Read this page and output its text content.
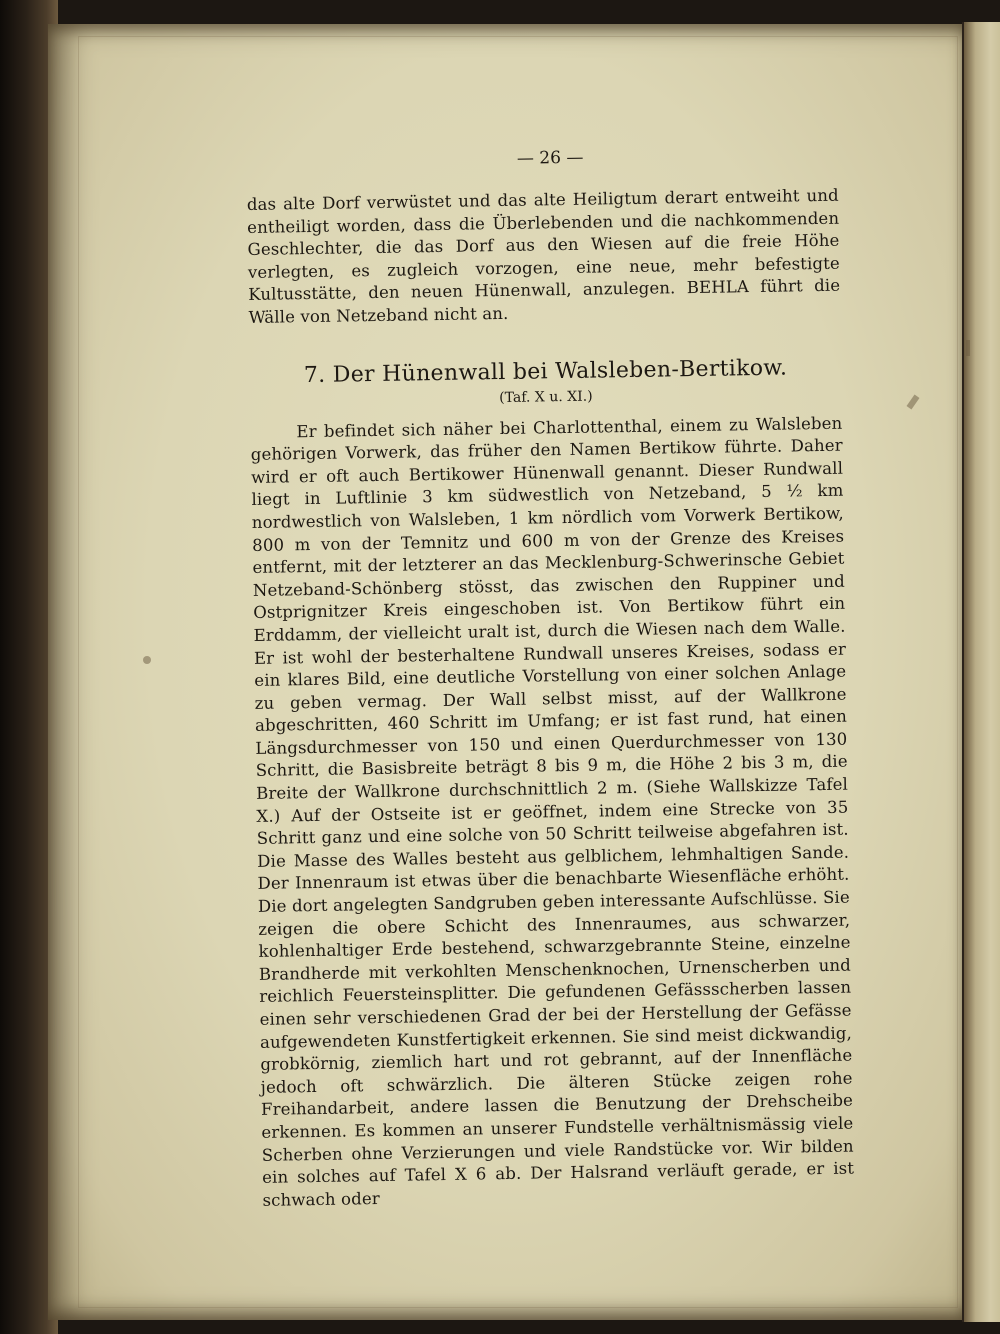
— 26 —

das alte Dorf verwüstet und das alte Heiligtum derart entweiht und entheiligt worden, dass die Überlebenden und die nachkommenden Geschlechter, die das Dorf aus den Wiesen auf die freie Höhe verlegten, es zugleich vorzogen, eine neue, mehr befestigte Kultusstätte, den neuen Hünenwall, anzulegen. BEHLA führt die Wälle von Netzeband nicht an.

7. Der Hünenwall bei Walsleben-Bertikow.
(Taf. X u. XI.)

Er befindet sich näher bei Charlottenthal, einem zu Walsleben gehörigen Vorwerk, das früher den Namen Bertikow führte. Daher wird er oft auch Bertikower Hünenwall genannt. Dieser Rundwall liegt in Luftlinie 3 km südwestlich von Netzeband, 5 ½ km nordwestlich von Walsleben, 1 km nördlich vom Vorwerk Bertikow, 800 m von der Temnitz und 600 m von der Grenze des Kreises entfernt, mit der letzterer an das Mecklenburg-Schwerinsche Gebiet Netzeband-Schönberg stösst, das zwischen den Ruppiner und Ostprignitzer Kreis eingeschoben ist. Von Bertikow führt ein Erddamm, der vielleicht uralt ist, durch die Wiesen nach dem Walle. Er ist wohl der besterhaltene Rundwall unseres Kreises, sodass er ein klares Bild, eine deutliche Vorstellung von einer solchen Anlage zu geben vermag. Der Wall selbst misst, auf der Wallkrone abgeschritten, 460 Schritt im Umfang; er ist fast rund, hat einen Längsdurchmesser von 150 und einen Querdurchmesser von 130 Schritt, die Basisbreite beträgt 8 bis 9 m, die Höhe 2 bis 3 m, die Breite der Wallkrone durchschnittlich 2 m. (Siehe Wallskizze Tafel X.) Auf der Ostseite ist er geöffnet, indem eine Strecke von 35 Schritt ganz und eine solche von 50 Schritt teilweise abgefahren ist. Die Masse des Walles besteht aus gelblichem, lehmhaltigen Sande. Der Innenraum ist etwas über die benachbarte Wiesenfläche erhöht. Die dort angelegten Sandgruben geben interessante Aufschlüsse. Sie zeigen die obere Schicht des Innenraumes, aus schwarzer, kohlenhaltiger Erde bestehend, schwarzgebrannte Steine, einzelne Brandherde mit verkohlten Menschenknochen, Urnenscherben und reichlich Feuersteinsplitter. Die gefundenen Gefässscherben lassen einen sehr verschiedenen Grad der bei der Herstellung der Gefässe aufgewendeten Kunstfertigkeit erkennen. Sie sind meist dickwandig, grobkörnig, ziemlich hart und rot gebrannt, auf der Innenfläche jedoch oft schwärzlich. Die älteren Stücke zeigen rohe Freihandarbeit, andere lassen die Benutzung der Drehscheibe erkennen. Es kommen an unserer Fundstelle verhältnismässig viele Scherben ohne Verzierungen und viele Randstücke vor. Wir bilden ein solches auf Tafel X 6 ab. Der Halsrand verläuft gerade, er ist schwach oder
